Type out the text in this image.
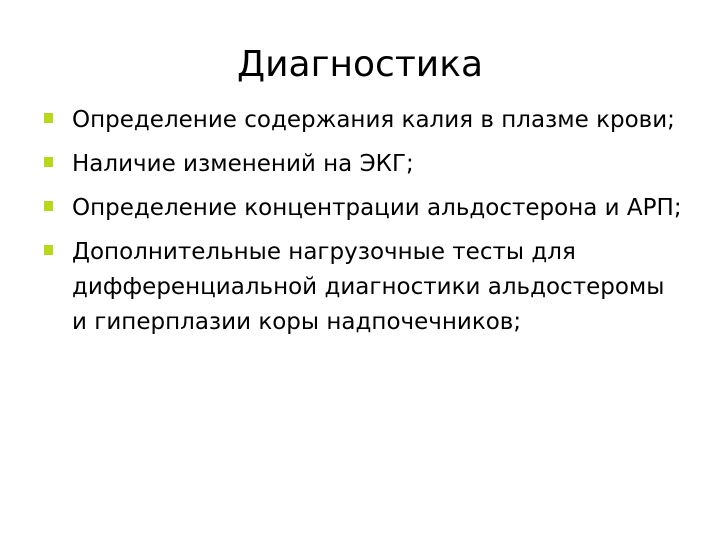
Диагностика
Определение содержания калия в плазме крови;
Наличие изменений на ЭКГ;
Определение концентрации альдостерона и АРП;
Дополнительные нагрузочные тесты для дифференциальной диагностики альдостеромы и гиперплазии коры надпочечников;
